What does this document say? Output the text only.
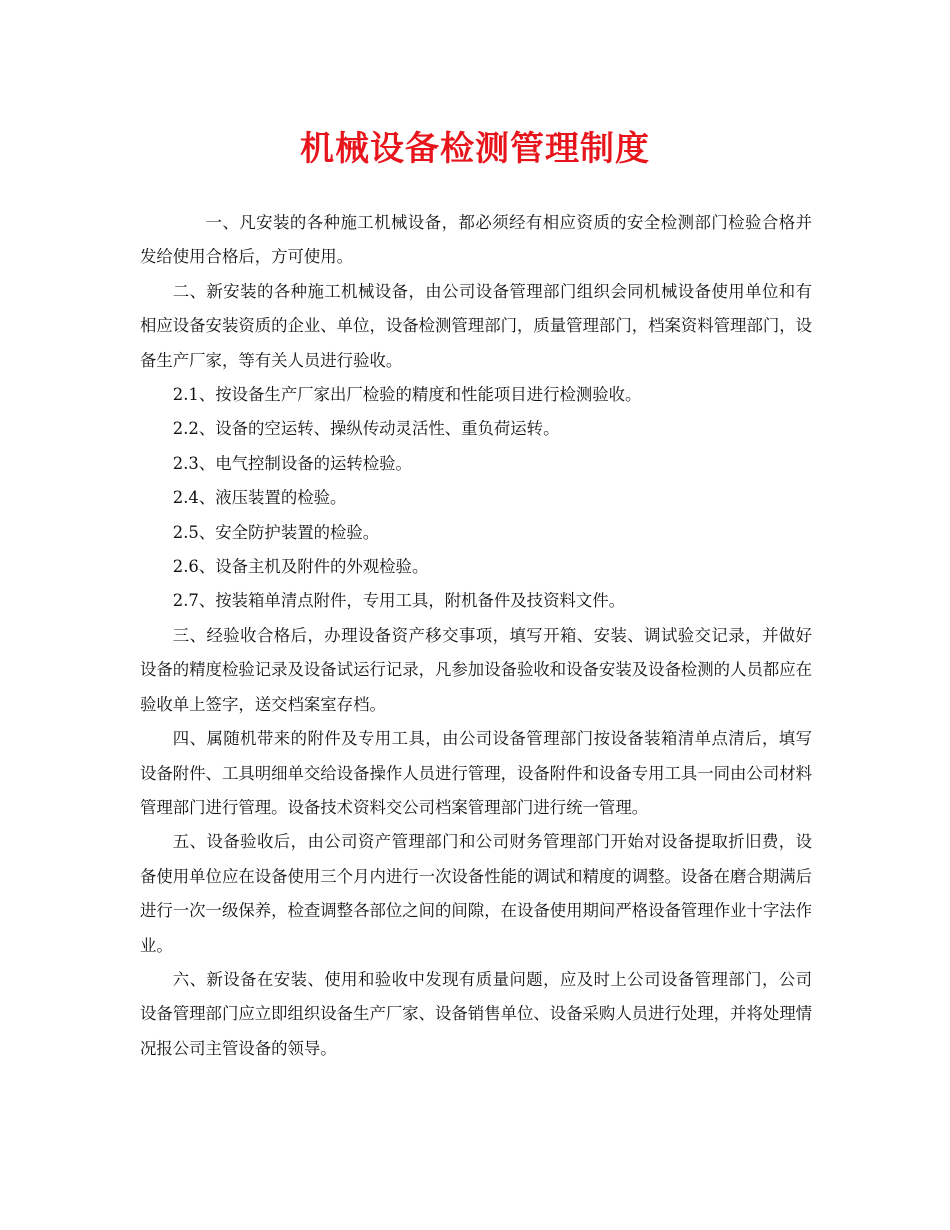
机械设备检测管理制度

一、凡安装的各种施工机械设备，都必须经有相应资质的安全检测部门检验合格并发给使用合格后，方可使用。

二、新安装的各种施工机械设备，由公司设备管理部门组织会同机械设备使用单位和有相应设备安装资质的企业、单位，设备检测管理部门，质量管理部门，档案资料管理部门，设备生产厂家，等有关人员进行验收。

2.1、按设备生产厂家出厂检验的精度和性能项目进行检测验收。

2.2、设备的空运转、操纵传动灵活性、重负荷运转。

2.3、电气控制设备的运转检验。

2.4、液压装置的检验。

2.5、安全防护装置的检验。

2.6、设备主机及附件的外观检验。

2.7、按装箱单清点附件，专用工具，附机备件及技资料文件。

三、经验收合格后，办理设备资产移交事项，填写开箱、安装、调试验交记录，并做好设备的精度检验记录及设备试运行记录，凡参加设备验收和设备安装及设备检测的人员都应在验收单上签字，送交档案室存档。

四、属随机带来的附件及专用工具，由公司设备管理部门按设备装箱清单点清后，填写设备附件、工具明细单交给设备操作人员进行管理，设备附件和设备专用工具一同由公司材料管理部门进行管理。设备技术资料交公司档案管理部门进行统一管理。

五、设备验收后，由公司资产管理部门和公司财务管理部门开始对设备提取折旧费，设备使用单位应在设备使用三个月内进行一次设备性能的调试和精度的调整。设备在磨合期满后进行一次一级保养，检查调整各部位之间的间隙，在设备使用期间严格设备管理作业十字法作业。

六、新设备在安装、使用和验收中发现有质量问题，应及时上公司设备管理部门，公司设备管理部门应立即组织设备生产厂家、设备销售单位、设备采购人员进行处理，并将处理情况报公司主管设备的领导。
